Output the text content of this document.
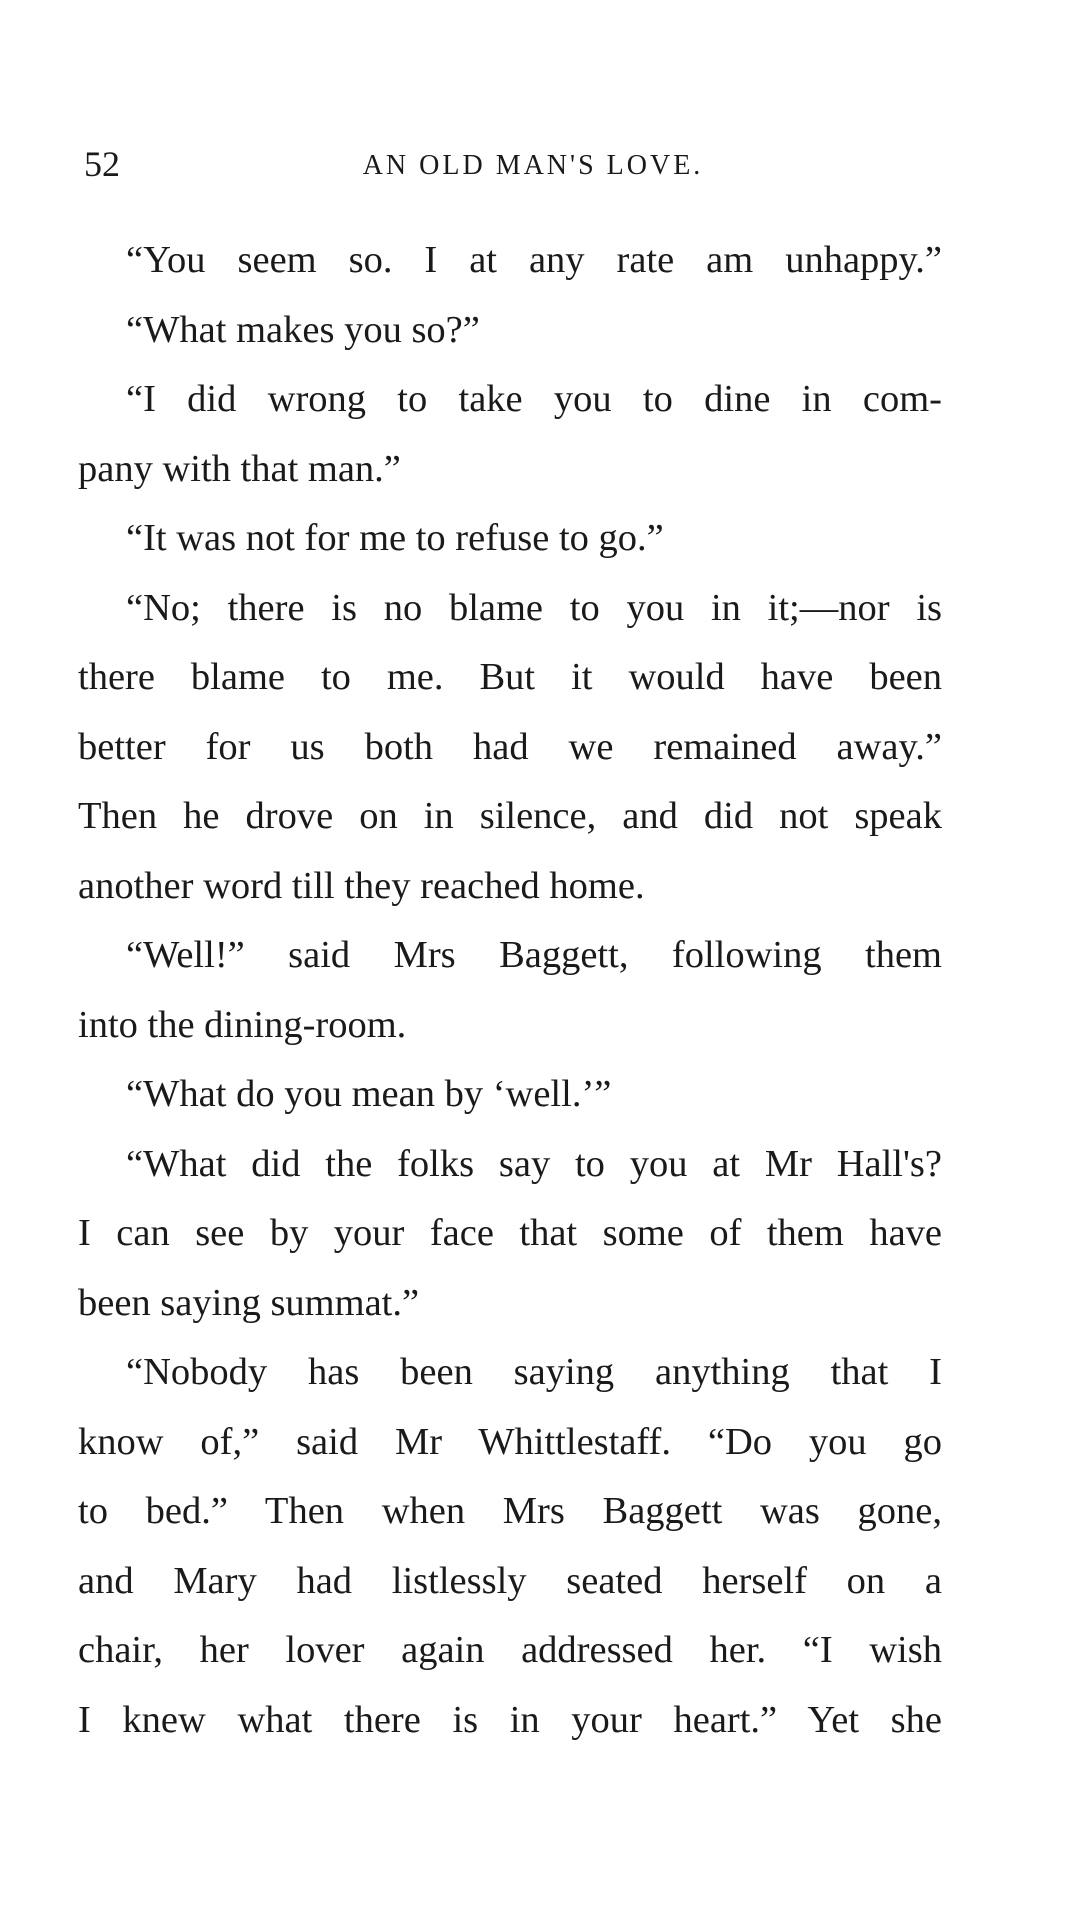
52	AN OLD MAN'S LOVE.
“You seem so. I at any rate am unhappy.”
“What makes you so?”
“I did wrong to take you to dine in com-
pany with that man.”
“It was not for me to refuse to go.”
“No; there is no blame to you in it;—nor is
there blame to me. But it would have been
better for us both had we remained away.”
Then he drove on in silence, and did not speak
another word till they reached home.
“Well!” said Mrs Baggett, following them
into the dining-room.
“What do you mean by ‘well.’”
“What did the folks say to you at Mr Hall's?
I can see by your face that some of them have
been saying summat.”
“Nobody has been saying anything that I
know of,” said Mr Whittlestaff. “Do you go
to bed.” Then when Mrs Baggett was gone,
and Mary had listlessly seated herself on a
chair, her lover again addressed her. “I wish
I knew what there is in your heart.” Yet she
